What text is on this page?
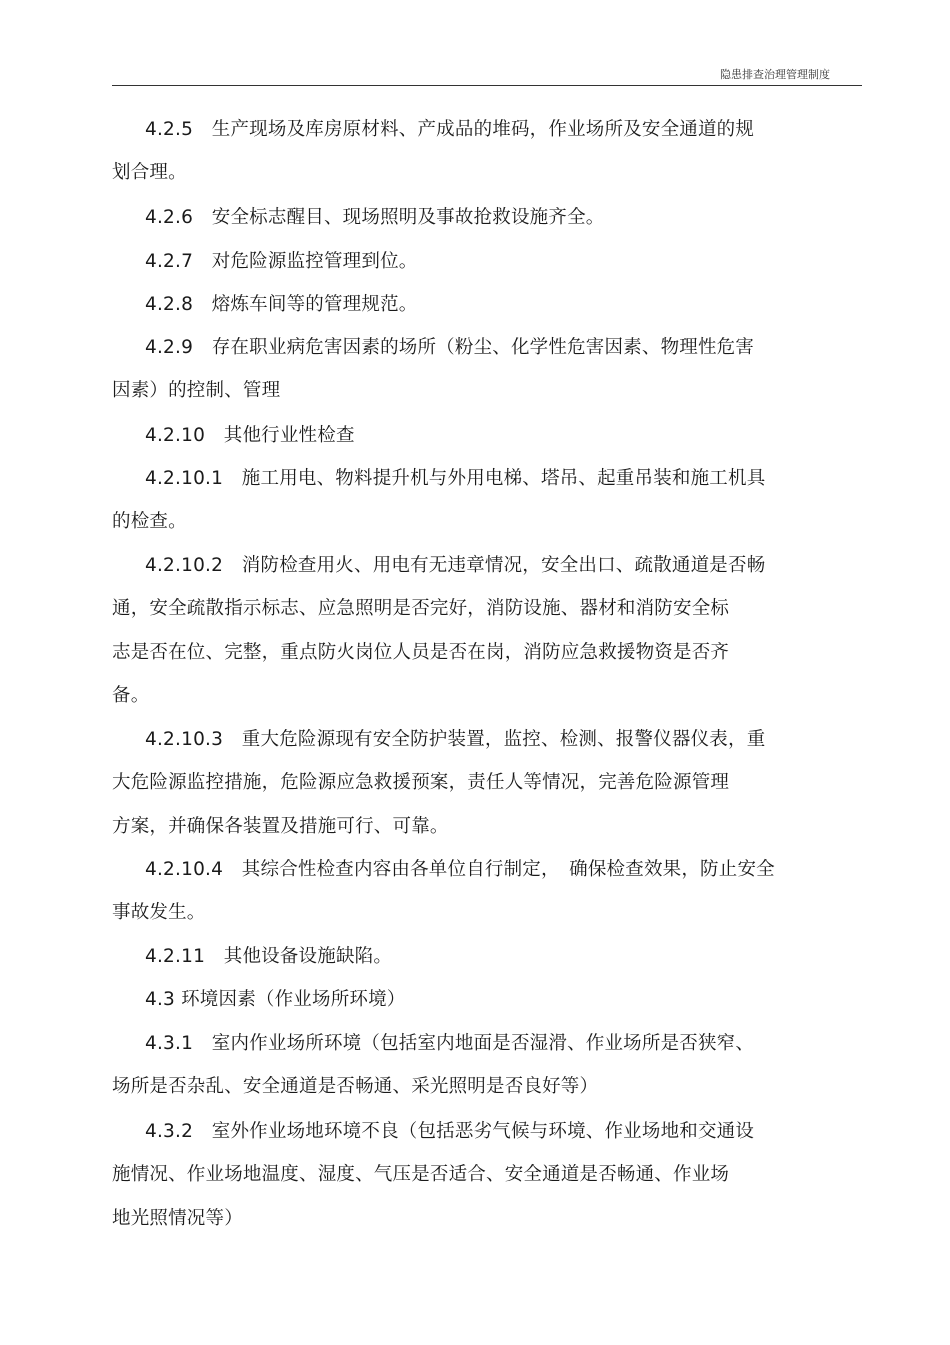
隐患排查治理管理制度
4.2.5　生产现场及库房原材料、产成品的堆码，作业场所及安全通道的规
划合理。
4.2.6　安全标志醒目、现场照明及事故抢救设施齐全。
4.2.7　对危险源监控管理到位。
4.2.8　熔炼车间等的管理规范。
4.2.9　存在职业病危害因素的场所（粉尘、化学性危害因素、物理性危害
因素）的控制、管理
4.2.10　其他行业性检查
4.2.10.1　施工用电、物料提升机与外用电梯、塔吊、起重吊装和施工机具
的检查。
4.2.10.2　消防检查用火、用电有无违章情况，安全出口、疏散通道是否畅
通，安全疏散指示标志、应急照明是否完好，消防设施、器材和消防安全标
志是否在位、完整，重点防火岗位人员是否在岗，消防应急救援物资是否齐
备。
4.2.10.3　重大危险源现有安全防护装置，监控、检测、报警仪器仪表，重
大危险源监控措施，危险源应急救援预案，责任人等情况，完善危险源管理
方案，并确保各装置及措施可行、可靠。
4.2.10.4　其综合性检查内容由各单位自行制定，　确保检查效果，防止安全
事故发生。
4.2.11　其他设备设施缺陷。
4.3 环境因素（作业场所环境）
4.3.1　室内作业场所环境（包括室内地面是否湿滑、作业场所是否狭窄、
场所是否杂乱、安全通道是否畅通、采光照明是否良好等）
4.3.2　室外作业场地环境不良（包括恶劣气候与环境、作业场地和交通设
施情况、作业场地温度、湿度、气压是否适合、安全通道是否畅通、作业场
地光照情况等）
